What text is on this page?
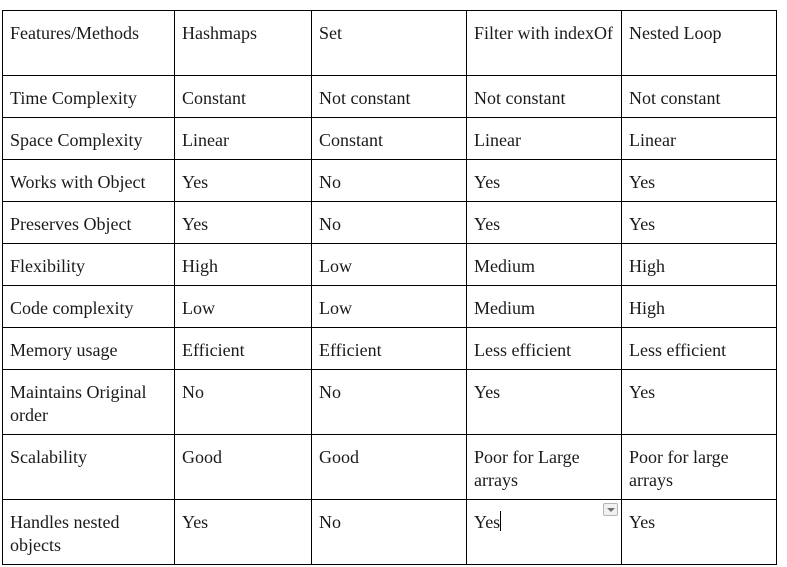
Features/Methods	Hashmaps	Set	Filter with indexOf	Nested Loop
Time Complexity	Constant	Not constant	Not constant	Not constant
Space Complexity	Linear	Constant	Linear	Linear
Works with Object	Yes	No	Yes	Yes
Preserves Object	Yes	No	Yes	Yes
Flexibility	High	Low	Medium	High
Code complexity	Low	Low	Medium	High
Memory usage	Efficient	Efficient	Less efficient	Less efficient
Maintains Original order	No	No	Yes	Yes
Scalability	Good	Good	Poor for Large arrays	Poor for large arrays
Handles nested objects	Yes	No	Yes	Yes
